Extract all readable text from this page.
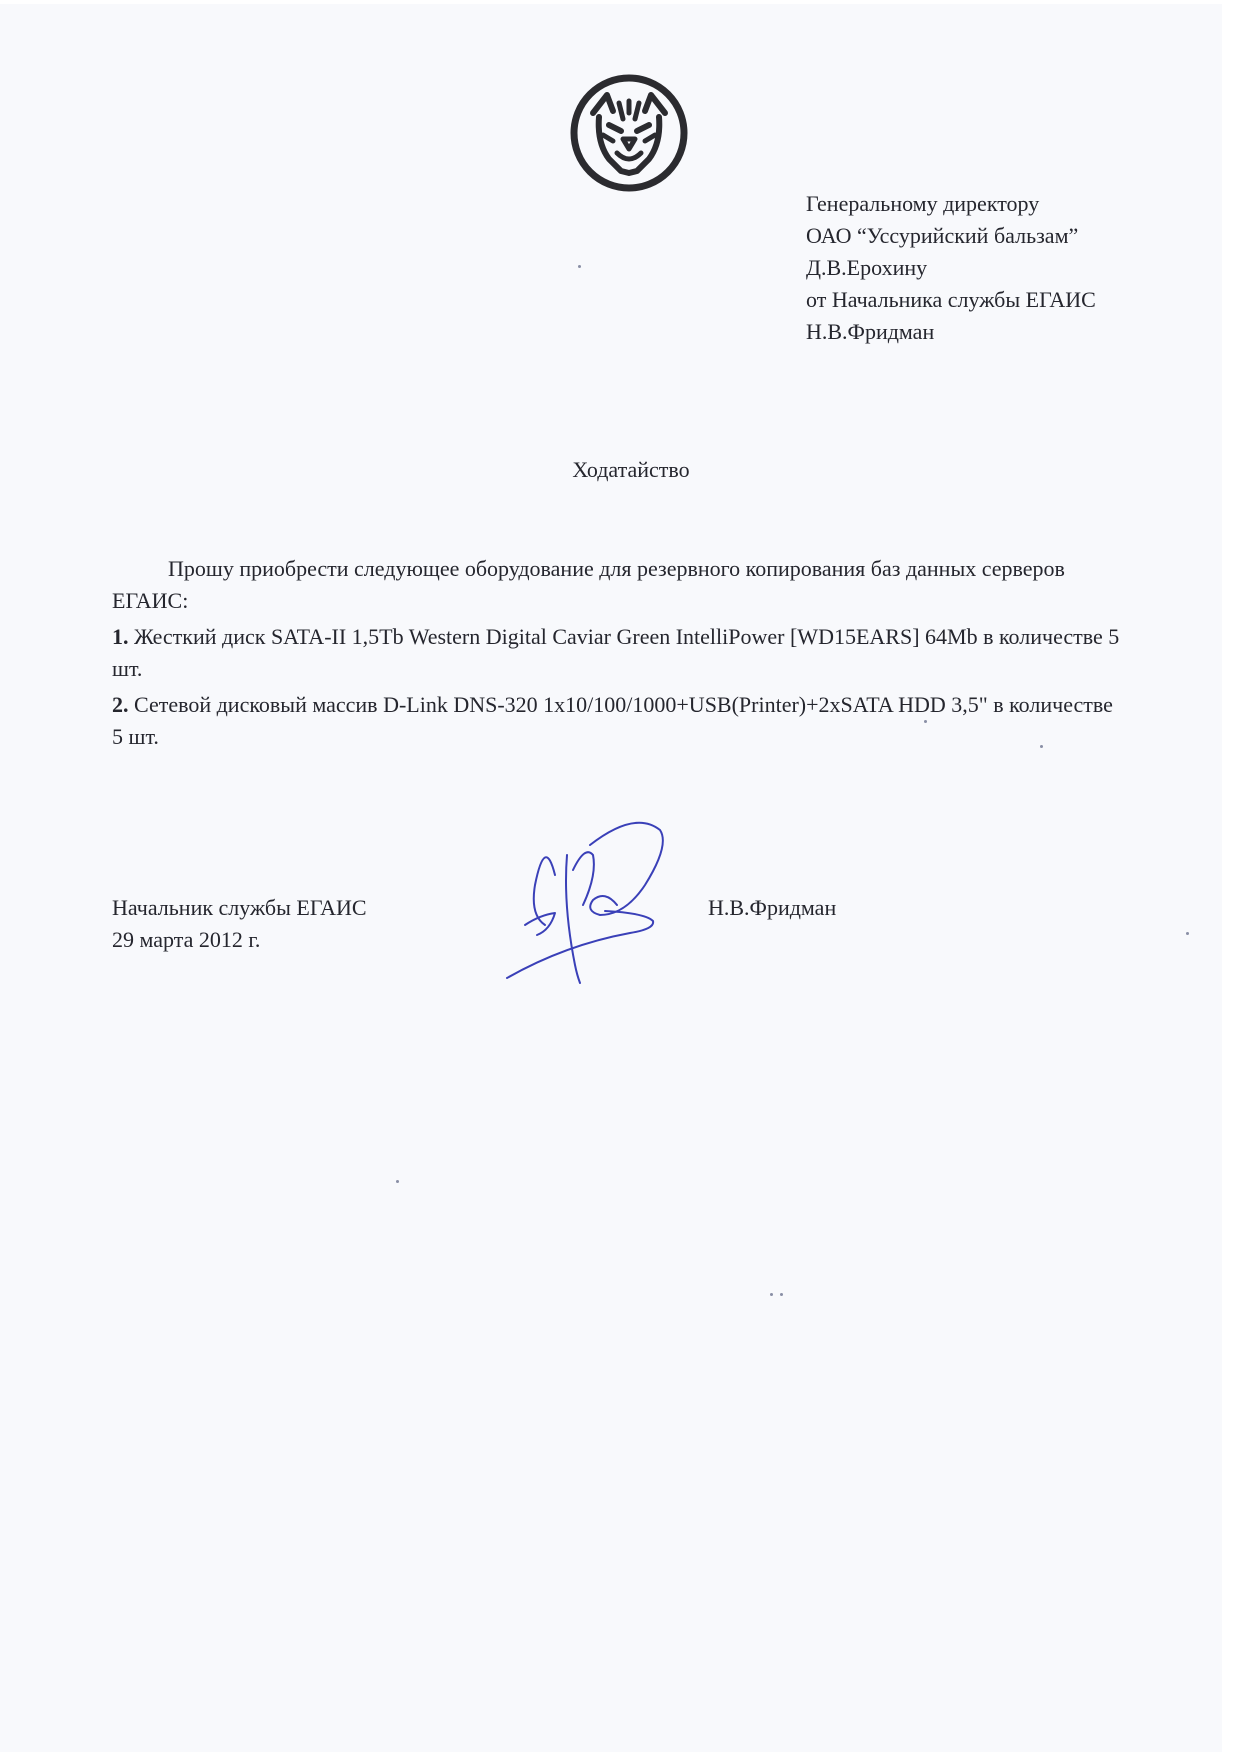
Генеральному директору
ОАО “Уссурийский бальзам”
Д.В.Ерохину
от Начальника службы ЕГАИС
Н.В.Фридман
Ходатайство

Прошу приобрести следующее оборудование для резервного копирования баз данных серверов ЕГАИС:

1. Жесткий диск SATA-II 1,5Tb Western Digital Caviar Green IntelliPower [WD15EARS] 64Mb в количестве 5 шт.

2. Сетевой дисковый массив D-Link DNS-320 1x10/100/1000+USB(Printer)+2xSATA HDD 3,5" в количестве 5 шт.

Начальник службы ЕГАИС
29 марта 2012 г.
Н.В.Фридман
